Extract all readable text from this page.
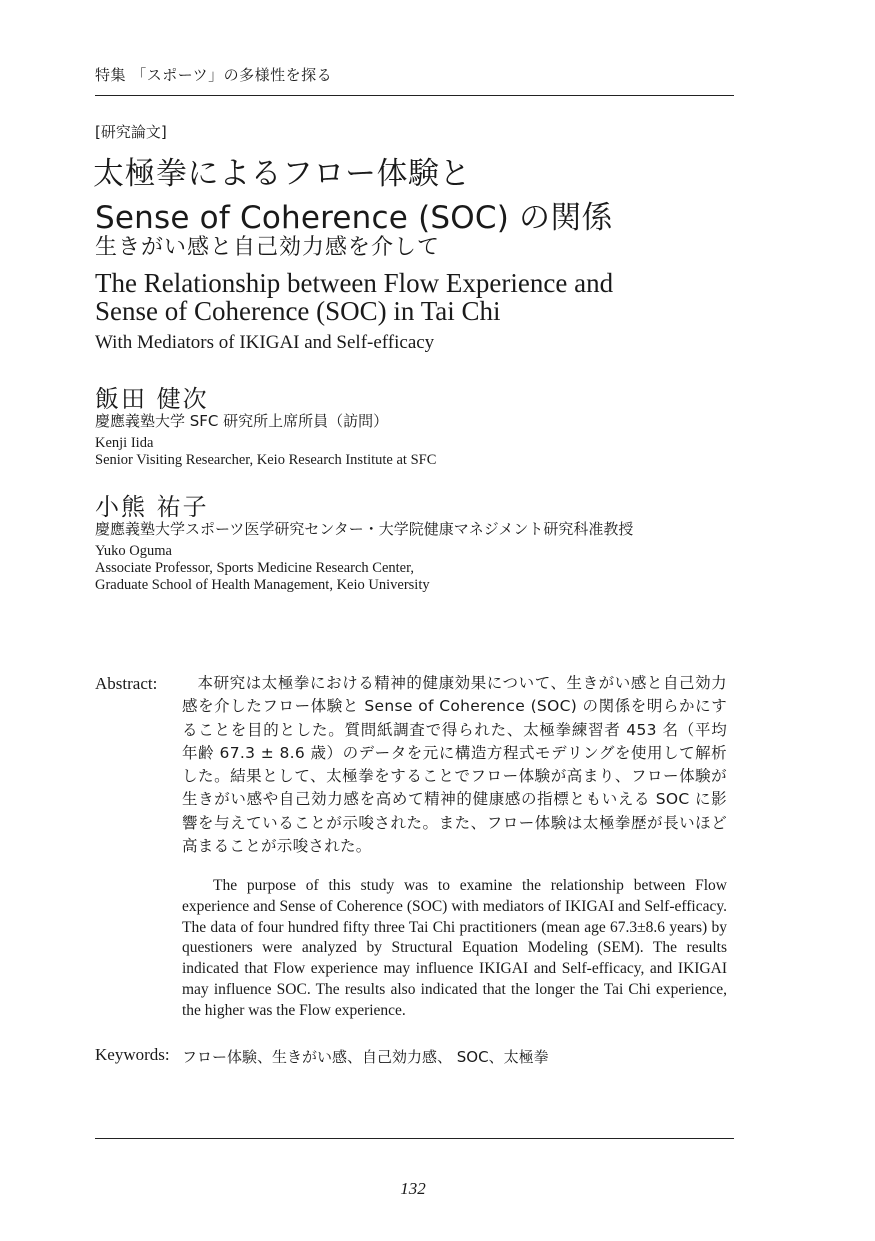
特集 「スポーツ」の多様性を探る
[研究論文]
太極拳によるフロー体験と
Sense of Coherence (SOC) の関係
生きがい感と自己効力感を介して
The Relationship between Flow Experience and
Sense of Coherence (SOC) in Tai Chi
With Mediators of IKIGAI and Self-efficacy
飯田 健次
慶應義塾大学 SFC 研究所上席所員（訪問）
Kenji Iida
Senior Visiting Researcher, Keio Research Institute at SFC
小熊 祐子
慶應義塾大学スポーツ医学研究センター・大学院健康マネジメント研究科准教授
Yuko Oguma
Associate Professor, Sports Medicine Research Center,
Graduate School of Health Management, Keio University
Abstract:	本研究は太極拳における精神的健康効果について、生きがい感と自己効力感を介したフロー体験と Sense of Coherence (SOC) の関係を明らかにすることを目的とした。質問紙調査で得られた、太極拳練習者 453 名（平均年齢 67.3 ± 8.6 歳）のデータを元に構造方程式モデリングを使用して解析した。結果として、太極拳をすることでフロー体験が高まり、フロー体験が生きがい感や自己効力感を高めて精神的健康感の指標ともいえる SOC に影響を与えていることが示唆された。また、フロー体験は太極拳歴が長いほど高まることが示唆された。
The purpose of this study was to examine the relationship between Flow experience and Sense of Coherence (SOC) with mediators of IKIGAI and Self-efficacy. The data of four hundred fifty three Tai Chi practitioners (mean age 67.3±8.6 years) by questioners were analyzed by Structural Equation Modeling (SEM). The results indicated that Flow experience may influence IKIGAI and Self-efficacy, and IKIGAI may influence SOC. The results also indicated that the longer the Tai Chi experience, the higher was the Flow experience.
Keywords: フロー体験、生きがい感、自己効力感、 SOC、太極拳
132
